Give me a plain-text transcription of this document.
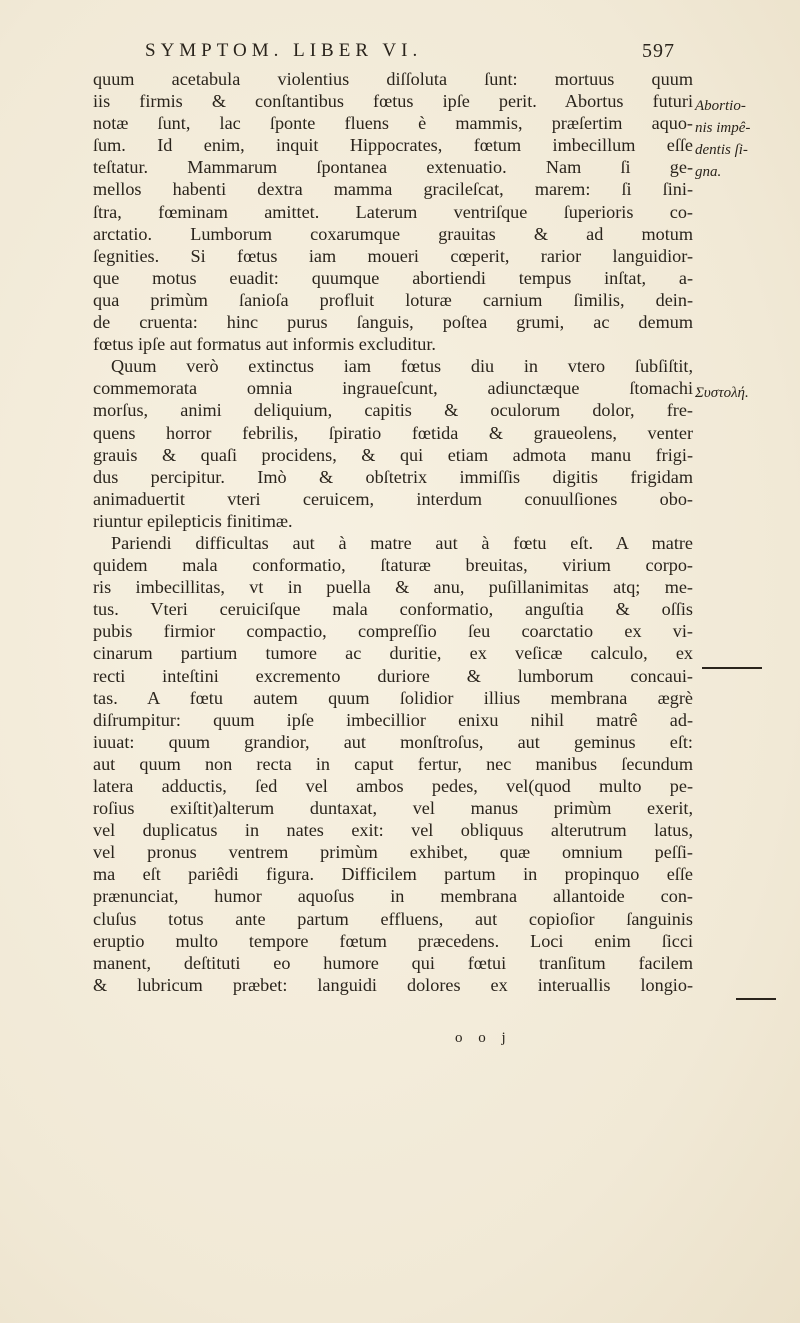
SYMPTOM. LIBER VI.	597
quum acetabula violentius diſſoluta ſunt: mortuus quum
iis firmis & conſtantibus fœtus ipſe perit. Abortus futuri
notæ ſunt, lac ſponte fluens è mammis, præſertim aquo-
ſum. Id enim, inquit Hippocrates, fœtum imbecillum eſſe
teſtatur. Mammarum ſpontanea extenuatio. Nam ſi ge-
mellos habenti dextra mamma gracileſcat, marem: ſi ſini-
ſtra, fœminam amittet. Laterum ventriſque ſuperioris co-
arctatio. Lumborum coxarumque grauitas & ad motum
ſegnities. Si fœtus iam moueri cœperit, rarior languidior-
que motus euadit: quumque abortiendi tempus inſtat, a-
qua primùm ſanioſa profluit loturæ carnium ſimilis, dein-
de cruenta: hinc purus ſanguis, poſtea grumi, ac demum
fœtus ipſe aut formatus aut informis excluditur.
Quum verò extinctus iam fœtus diu in vtero ſubſiſtit,
commemorata omnia ingraueſcunt, adiunctæque ſtomachi
morſus, animi deliquium, capitis & oculorum dolor, fre-
quens horror febrilis, ſpiratio fœtida & graueolens, venter
grauis & quaſi procidens, & qui etiam admota manu frigi-
dus percipitur. Imò & obſtetrix immiſſis digitis frigidam
animaduertit vteri ceruicem, interdum conuulſiones obo-
riuntur epilepticis finitimæ.
Pariendi difficultas aut à matre aut à fœtu eſt. A matre
quidem mala conformatio, ſtaturæ breuitas, virium corpo-
ris imbecillitas, vt in puella & anu, puſillanimitas atq; me-
tus. Vteri ceruiciſque mala conformatio, anguſtia & oſſis
pubis firmior compactio, compreſſio ſeu coarctatio ex vi-
cinarum partium tumore ac duritie, ex veſicæ calculo, ex
recti inteſtini excremento duriore & lumborum concaui-
tas. A fœtu autem quum ſolidior illius membrana ægrè
diſrumpitur: quum ipſe imbecillior enixu nihil matrê ad-
iuuat: quum grandior, aut monſtroſus, aut geminus eſt:
aut quum non recta in caput fertur, nec manibus ſecundum
latera adductis, ſed vel ambos pedes, vel(quod multo pe-
roſius exiſtit)alterum duntaxat, vel manus primùm exerit,
vel duplicatus in nates exit: vel obliquus alterutrum latus,
vel pronus ventrem primùm exhibet, quæ omnium peſſi-
ma eſt pariêdi figura. Difficilem partum in propinquo eſſe
prænunciat, humor aquoſus in membrana allantoide con-
cluſus totus ante partum effluens, aut copioſior ſanguinis
eruptio multo tempore fœtum præcedens. Loci enim ſicci
manent, deſtituti eo humore qui fœtui tranſitum facilem
& lubricum præbet: languidi dolores ex interuallis longio-
Abortio-
nis impê-
dentis ſi-
gna.
Συστολή.
o o j
